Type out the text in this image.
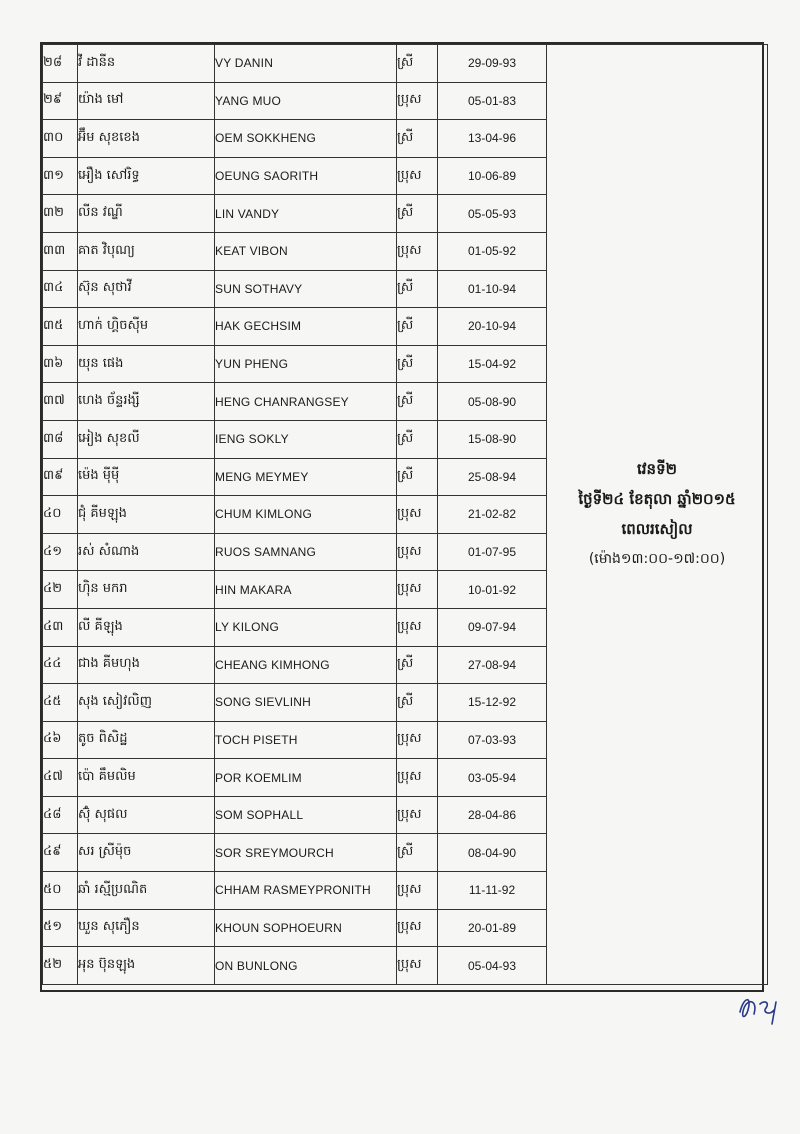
២៨	វី ដានីន	VY DANIN	ស្រី	29-09-93	វេនទី២
ថ្ងៃទី២៤ ខែតុលា ឆ្នាំ២០១៥
ពេលរសៀល
(ម៉ោង១៣:០០-១៧:០០)

២៩	យ៉ាង មៅ	YANG MUO	ប្រុស	05-01-83	
៣០	អ៊ឹម សុខខេង	OEM SOKKHENG	ស្រី	13-04-96	
៣១	អឿង សៅរិទ្ធ	OEUNG SAORITH	ប្រុស	10-06-89	
៣២	លីន វណ្ឌី	LIN VANDY	ស្រី	05-05-93	
៣៣	គាត វិបុណ្យ	KEAT VIBON	ប្រុស	01-05-92	
៣៤	ស៊ុន សុថាវី	SUN SOTHAVY	ស្រី	01-10-94	
៣៥	ហាក់ ហ្គិចស៊ីម	HAK GECHSIM	ស្រី	20-10-94	
៣៦	យុន ផេង	YUN PHENG	ស្រី	15-04-92	
៣៧	ហេង ច័ន្ទរង្សី	HENG CHANRANGSEY	ស្រី	05-08-90	
៣៨	អៀង សុខលី	IENG SOKLY	ស្រី	15-08-90	
៣៩	ម៉េង ម៉ីម៉ី	MENG MEYMEY	ស្រី	25-08-94	
៤០	ជុំ គីមឡុង	CHUM KIMLONG	ប្រុស	21-02-82	
៤១	រស់ សំណាង	RUOS SAMNANG	ប្រុស	01-07-95	
៤២	ហ៊ិន មករា	HIN MAKARA	ប្រុស	10-01-92	
៤៣	លី គីឡុង	LY KILONG	ប្រុស	09-07-94	
៤៤	ជាង គីមហុង	CHEANG KIMHONG	ស្រី	27-08-94	
៤៥	សុង សៀវលិញ	SONG SIEVLINH	ស្រី	15-12-92	
៤៦	តូច ពិសិដ្ឋ	TOCH PISETH	ប្រុស	07-03-93	
៤៧	ប៉ោ គឹមលិម	POR KOEMLIM	ប្រុស	03-05-94	
៤៨	ស៊ុំ សុផល	SOM SOPHALL	ប្រុស	28-04-86	
៤៩	សរ ស្រីម៉ុច	SOR SREYMOURCH	ស្រី	08-04-90	
៥០	ឆាំ រស្មីប្រណិត	CHHAM RASMEYPRONITH	ប្រុស	11-11-92	
៥១	ឃួន សុភឿន	KHOUN SOPHOEURN	ប្រុស	20-01-89	
៥២	អុន ប៊ុនឡុង	ON BUNLONG	ប្រុស	05-04-93	
